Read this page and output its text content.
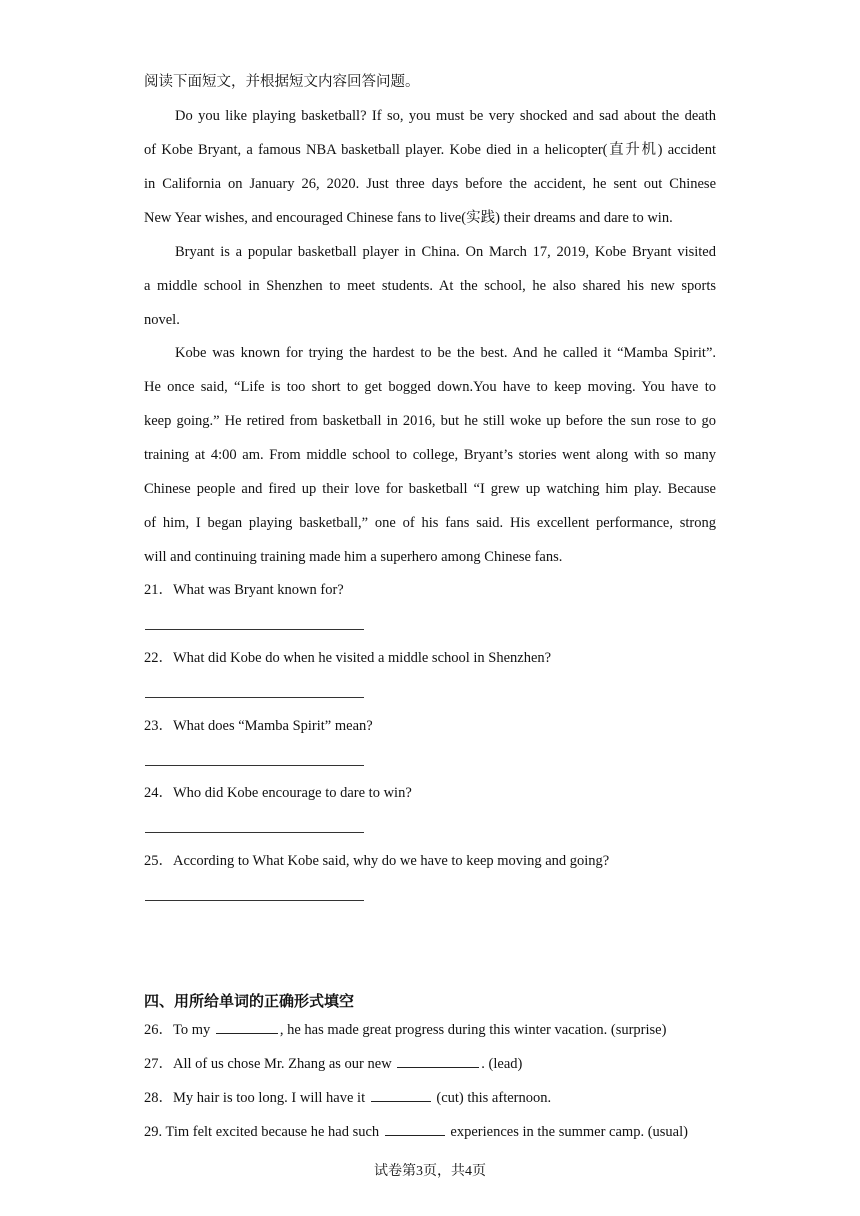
阅读下面短文，并根据短文内容回答问题。
Do you like playing basketball? If so, you must be very shocked and sad about the death
of Kobe Bryant, a famous NBA basketball player. Kobe died in a helicopter(直升机) accident
in California on January 26, 2020. Just three days before the accident, he sent out Chinese
New Year wishes, and encouraged Chinese fans to live(实践) their dreams and dare to win.
Bryant is a popular basketball player in China. On March 17, 2019, Kobe Bryant visited
a middle school in Shenzhen to meet students. At the school, he also shared his new sports
novel.
Kobe was known for trying the hardest to be the best. And he called it “Mamba Spirit”.
He once said, “Life is too short to get bogged down.You have to keep moving. You have to
keep going.” He retired from basketball in 2016, but he still woke up before the sun rose to go
training at 4:00 am. From middle school to college, Bryant’s stories went along with so many
Chinese people and fired up their love for basketball “I grew up watching him play. Because
of him, I began playing basketball,” one of his fans said. His excellent performance, strong
will and continuing training made him a superhero among Chinese fans.
21．What was Bryant known for?
22．What did Kobe do when he visited a middle school in Shenzhen?
23．What does “Mamba Spirit” mean?
24．Who did Kobe encourage to dare to win?
25．According to What Kobe said, why do we have to keep moving and going?
四、用所给单词的正确形式填空
26．To my	, he has made great progress during this winter vacation. (surprise)
27．All of us chose Mr. Zhang as our new	. (lead)
28．My hair is too long. I will have it	(cut) this afternoon.
29. Tim felt excited because he had such	experiences in the summer camp. (usual)
试卷第3页，共4页
